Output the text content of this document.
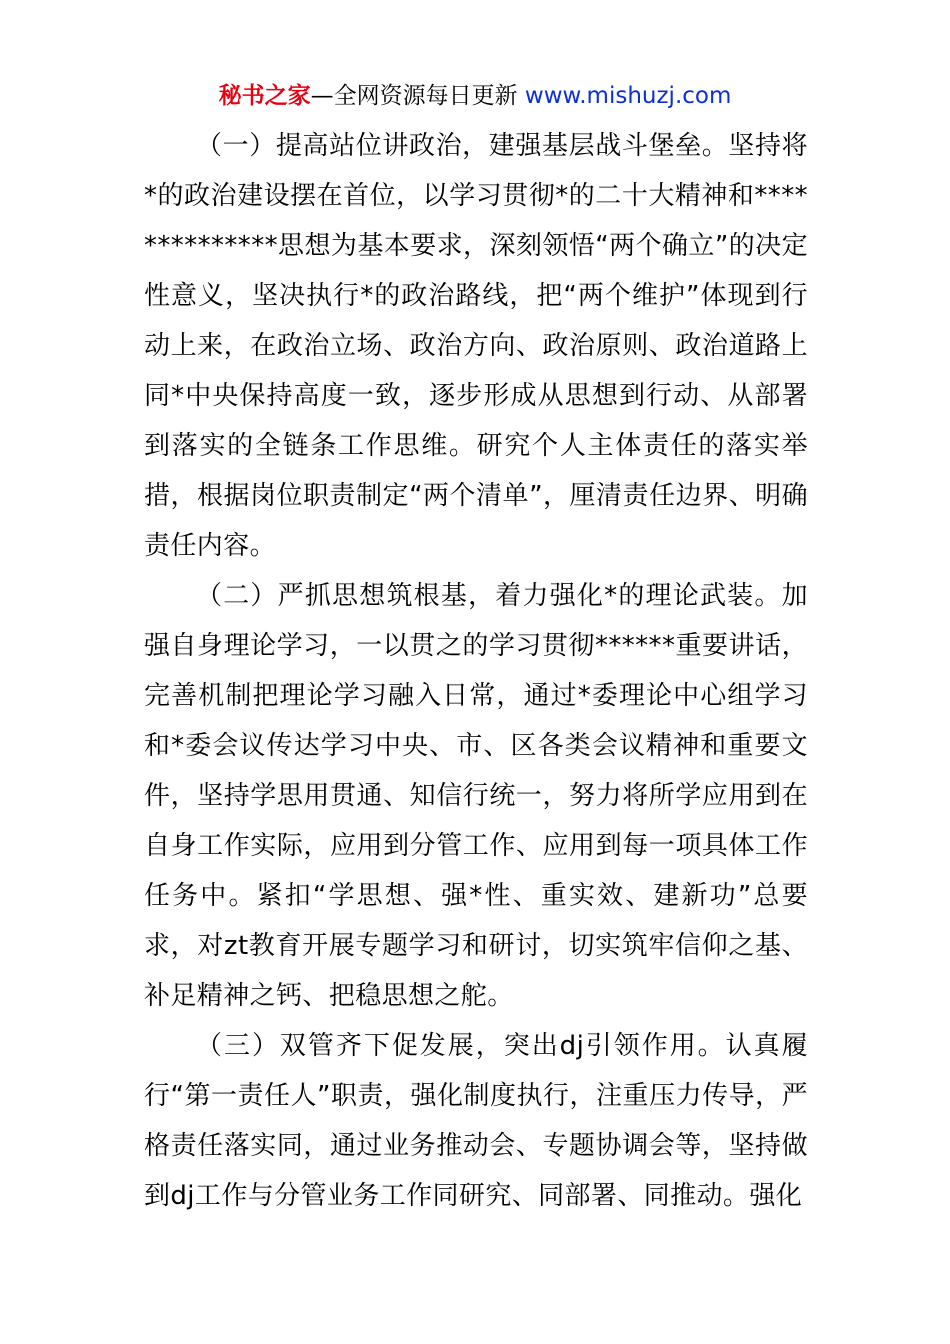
秘书之家—全网资源每日更新 www.mishuzj.com

（一）提高站位讲政治，建强基层战斗堡垒。坚持将*的政治建设摆在首位，以学习贯彻*的二十大精神和**************思想为基本要求，深刻领悟“两个确立”的决定性意义，坚决执行*的政治路线，把“两个维护”体现到行动上来，在政治立场、政治方向、政治原则、政治道路上同*中央保持高度一致，逐步形成从思想到行动、从部署到落实的全链条工作思维。研究个人主体责任的落实举措，根据岗位职责制定“两个清单”，厘清责任边界、明确责任内容。

（二）严抓思想筑根基，着力强化*的理论武装。加强自身理论学习，一以贯之的学习贯彻******重要讲话，完善机制把理论学习融入日常，通过*委理论中心组学习和*委会议传达学习中央、市、区各类会议精神和重要文件，坚持学思用贯通、知信行统一，努力将所学应用到在自身工作实际，应用到分管工作、应用到每一项具体工作任务中。紧扣“学思想、强*性、重实效、建新功”总要求，对zt教育开展专题学习和研讨，切实筑牢信仰之基、补足精神之钙、把稳思想之舵。

（三）双管齐下促发展，突出dj引领作用。认真履行“第一责任人”职责，强化制度执行，注重压力传导，严格责任落实同，通过业务推动会、专题协调会等，坚持做到dj工作与分管业务工作同研究、同部署、同推动。强化
